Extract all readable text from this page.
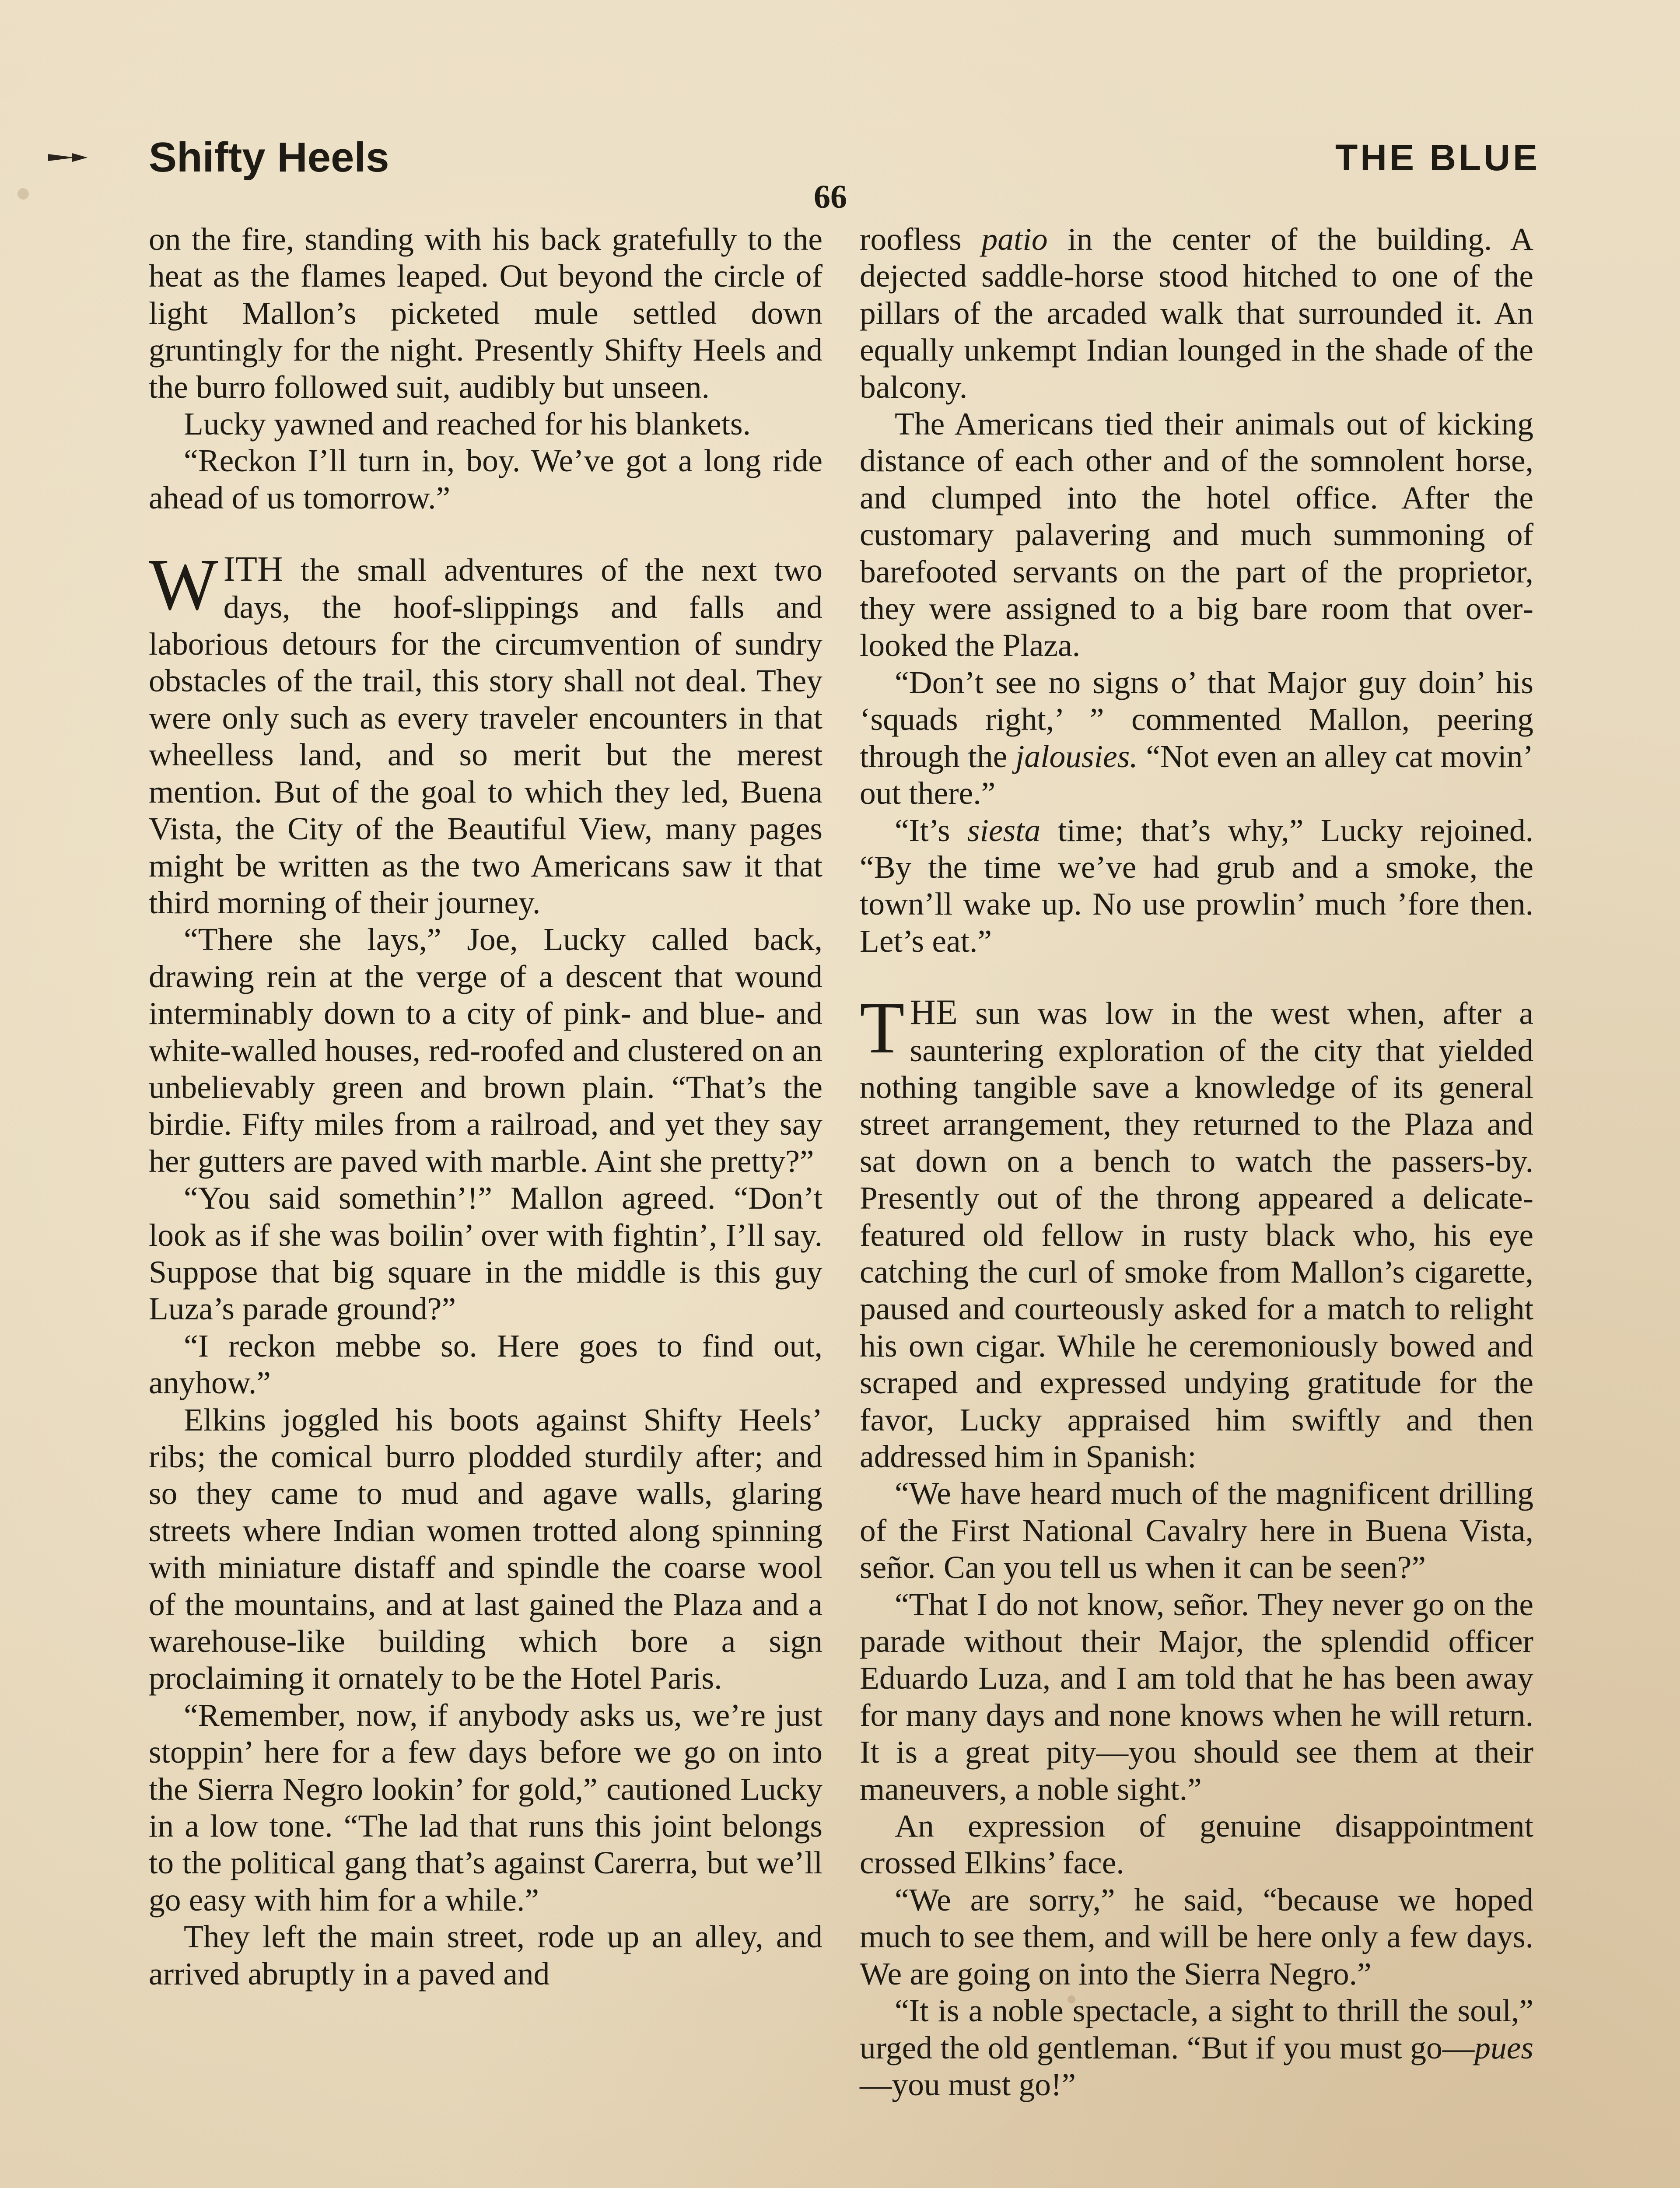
Shifty Heels	THE BLUE
66

on the fire, standing with his back gratefully to the heat as the flames leaped. Out beyond the circle of light Mallon’s picketed mule settled down gruntingly for the night. Presently Shifty Heels and the burro followed suit, audibly but unseen.

Lucky yawned and reached for his blankets.

“Reckon I’ll turn in, boy. We’ve got a long ride ahead of us tomorrow.”

WITH the small adventures of the next two days, the hoof-slippings and falls and laborious detours for the circumvention of sundry obstacles of the trail, this story shall not deal. They were only such as every traveler encounters in that wheelless land, and so merit but the merest mention. But of the goal to which they led, Buena Vista, the City of the Beautiful View, many pages might be written as the two Americans saw it that third morning of their journey.

“There she lays,” Joe, Lucky called back, drawing rein at the verge of a descent that wound interminably down to a city of pink- and blue- and white-walled houses, red-roofed and clustered on an unbelievably green and brown plain. “That’s the birdie. Fifty miles from a railroad, and yet they say her gutters are paved with marble. Aint she pretty?”

“You said somethin’!” Mallon agreed. “Don’t look as if she was boilin’ over with fightin’, I’ll say. Suppose that big square in the middle is this guy Luza’s parade ground?”

“I reckon mebbe so. Here goes to find out, anyhow.”

Elkins joggled his boots against Shifty Heels’ ribs; the comical burro plodded sturdily after; and so they came to mud and agave walls, glaring streets where Indian women trotted along spinning with miniature distaff and spindle the coarse wool of the mountains, and at last gained the Plaza and a warehouse-like building which bore a sign proclaiming it ornately to be the Hotel Paris.

“Remember, now, if anybody asks us, we’re just stoppin’ here for a few days before we go on into the Sierra Negro lookin’ for gold,” cautioned Lucky in a low tone. “The lad that runs this joint belongs to the political gang that’s against Carerra, but we’ll go easy with him for a while.”

They left the main street, rode up an alley, and arrived abruptly in a paved and

roofless patio in the center of the building. A dejected saddle-horse stood hitched to one of the pillars of the arcaded walk that surrounded it. An equally unkempt Indian lounged in the shade of the balcony.

The Americans tied their animals out of kicking distance of each other and of the somnolent horse, and clumped into the hotel office. After the customary palavering and much summoning of barefooted servants on the part of the proprietor, they were assigned to a big bare room that overlooked the Plaza.

“Don’t see no signs o’ that Major guy doin’ his ‘squads right,’ ” commented Mallon, peering through the jalousies. “Not even an alley cat movin’ out there.”

“It’s siesta time; that’s why,” Lucky rejoined. “By the time we’ve had grub and a smoke, the town’ll wake up. No use prowlin’ much ’fore then. Let’s eat.”

THE sun was low in the west when, after a sauntering exploration of the city that yielded nothing tangible save a knowledge of its general street arrangement, they returned to the Plaza and sat down on a bench to watch the passers-by. Presently out of the throng appeared a delicate-featured old fellow in rusty black who, his eye catching the curl of smoke from Mallon’s cigarette, paused and courteously asked for a match to relight his own cigar. While he ceremoniously bowed and scraped and expressed undying gratitude for the favor, Lucky appraised him swiftly and then addressed him in Spanish:

“We have heard much of the magnificent drilling of the First National Cavalry here in Buena Vista, señor. Can you tell us when it can be seen?”

“That I do not know, señor. They never go on the parade without their Major, the splendid officer Eduardo Luza, and I am told that he has been away for many days and none knows when he will return. It is a great pity—you should see them at their maneuvers, a noble sight.”

An expression of genuine disappointment crossed Elkins’ face.

“We are sorry,” he said, “because we hoped much to see them, and will be here only a few days. We are going on into the Sierra Negro.”

“It is a noble spectacle, a sight to thrill the soul,” urged the old gentleman. “But if you must go—pues—you must go!”
